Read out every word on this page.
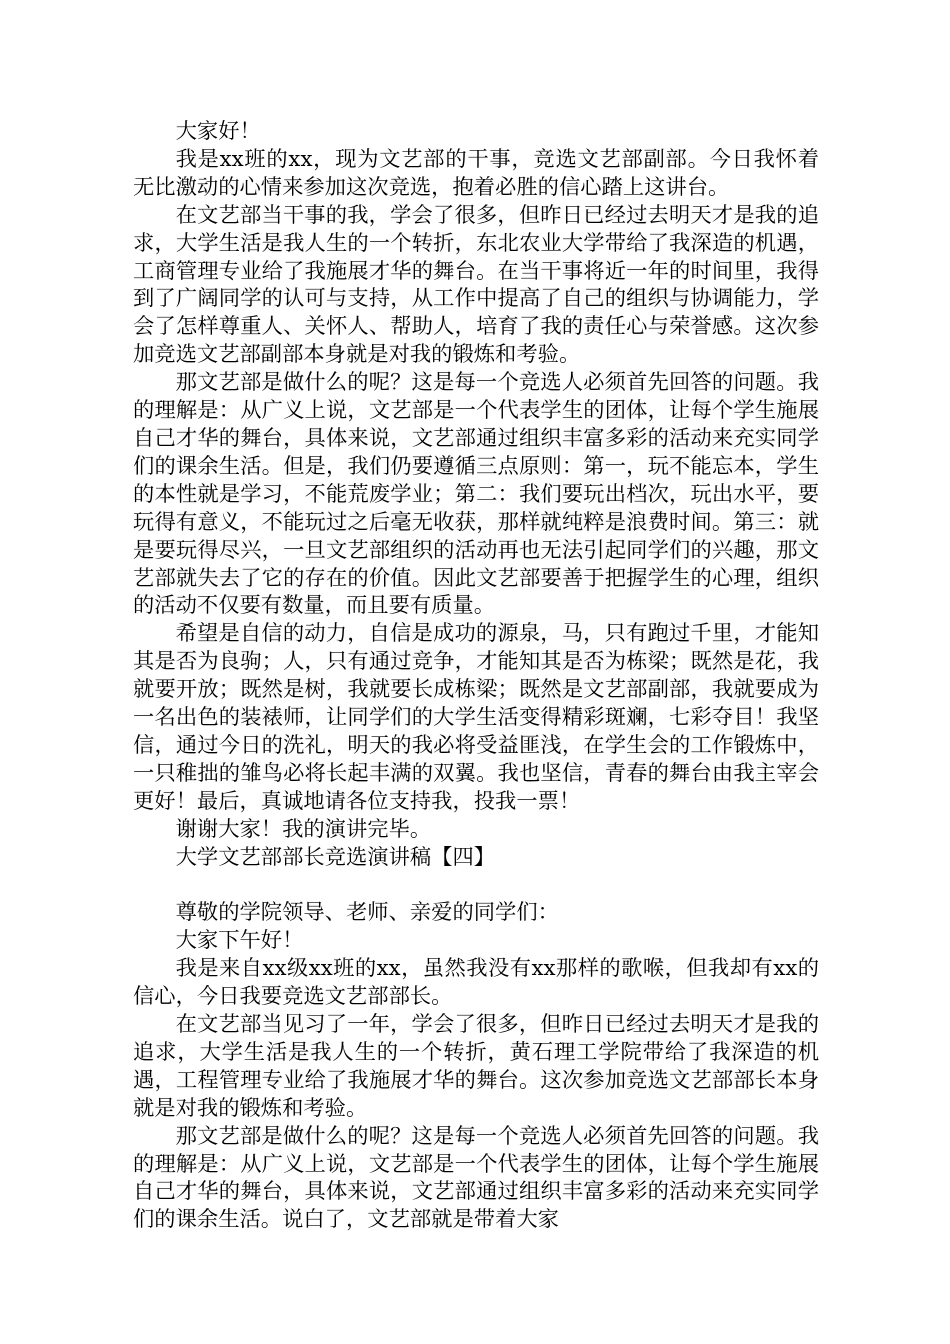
大家好！

我是xx班的xx，现为文艺部的干事，竞选文艺部副部。今日我怀着无比激动的心情来参加这次竞选，抱着必胜的信心踏上这讲台。

在文艺部当干事的我，学会了很多，但昨日已经过去明天才是我的追求，大学生活是我人生的一个转折，东北农业大学带给了我深造的机遇，工商管理专业给了我施展才华的舞台。在当干事将近一年的时间里，我得到了广阔同学的认可与支持，从工作中提高了自己的组织与协调能力，学会了怎样尊重人、关怀人、帮助人，培育了我的责任心与荣誉感。这次参加竞选文艺部副部本身就是对我的锻炼和考验。

那文艺部是做什么的呢？这是每一个竞选人必须首先回答的问题。我的理解是：从广义上说，文艺部是一个代表学生的团体，让每个学生施展自己才华的舞台，具体来说，文艺部通过组织丰富多彩的活动来充实同学们的课余生活。但是，我们仍要遵循三点原则：第一，玩不能忘本，学生的本性就是学习，不能荒废学业；第二：我们要玩出档次，玩出水平，要玩得有意义，不能玩过之后毫无收获，那样就纯粹是浪费时间。第三：就是要玩得尽兴，一旦文艺部组织的活动再也无法引起同学们的兴趣，那文艺部就失去了它的存在的价值。因此文艺部要善于把握学生的心理，组织的活动不仅要有数量，而且要有质量。

希望是自信的动力，自信是成功的源泉，马，只有跑过千里，才能知其是否为良驹；人，只有通过竞争，才能知其是否为栋梁；既然是花，我就要开放；既然是树，我就要长成栋梁；既然是文艺部副部，我就要成为一名出色的装裱师，让同学们的大学生活变得精彩斑斓，七彩夺目！我坚信，通过今日的洗礼，明天的我必将受益匪浅，在学生会的工作锻炼中，一只稚拙的雏鸟必将长起丰满的双翼。我也坚信，青春的舞台由我主宰会更好！最后，真诚地请各位支持我，投我一票！

谢谢大家！我的演讲完毕。

大学文艺部部长竞选演讲稿【四】

尊敬的学院领导、老师、亲爱的同学们：

大家下午好！

我是来自xx级xx班的xx，虽然我没有xx那样的歌喉，但我却有xx的信心，今日我要竞选文艺部部长。

在文艺部当见习了一年，学会了很多，但昨日已经过去明天才是我的追求，大学生活是我人生的一个转折，黄石理工学院带给了我深造的机遇，工程管理专业给了我施展才华的舞台。这次参加竞选文艺部部长本身就是对我的锻炼和考验。

那文艺部是做什么的呢？这是每一个竞选人必须首先回答的问题。我的理解是：从广义上说，文艺部是一个代表学生的团体，让每个学生施展自己才华的舞台，具体来说，文艺部通过组织丰富多彩的活动来充实同学们的课余生活。说白了，文艺部就是带着大家
